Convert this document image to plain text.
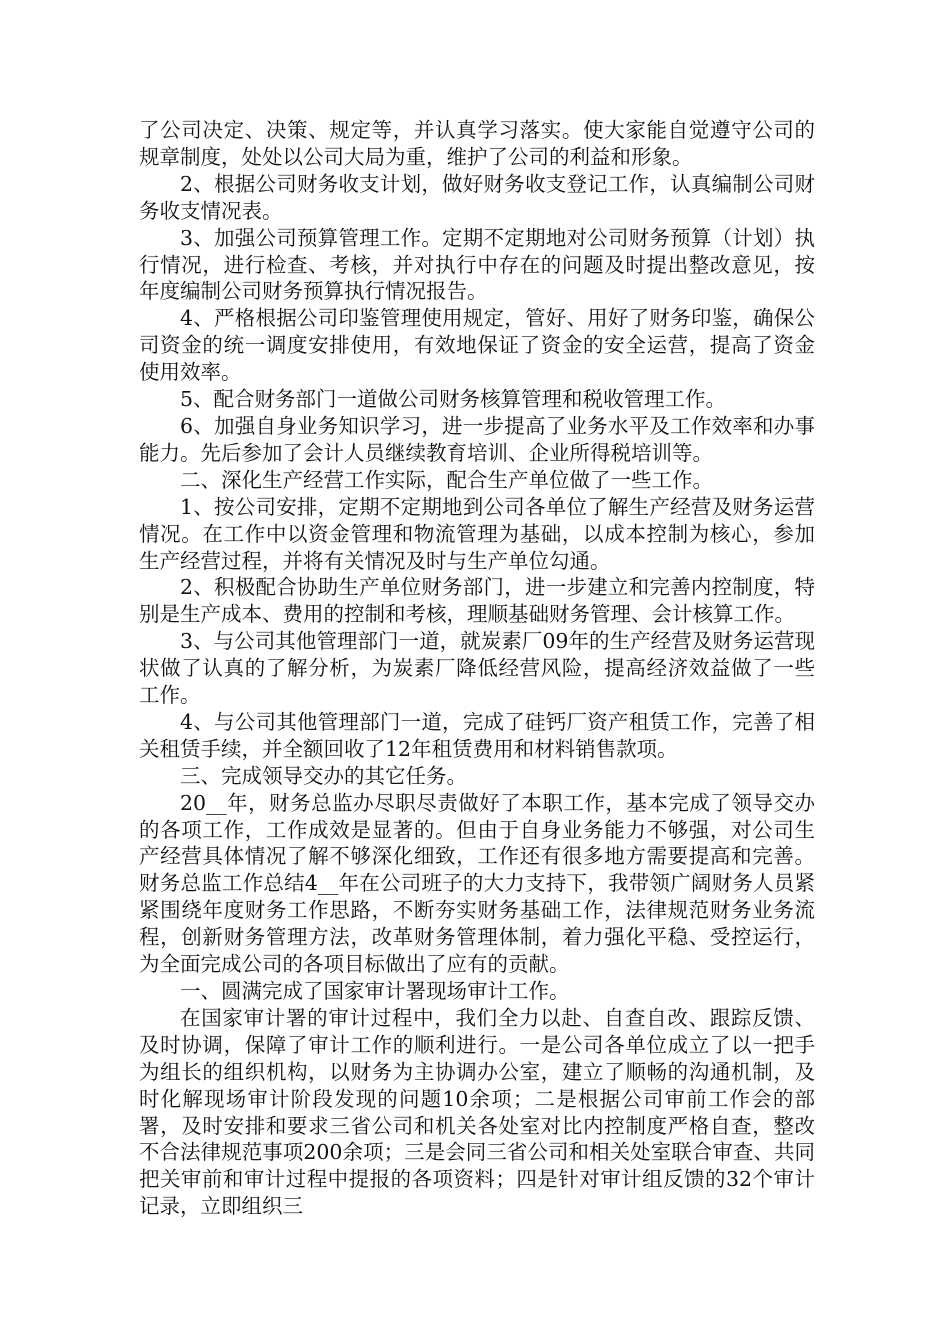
了公司决定、决策、规定等，并认真学习落实。使大家能自觉遵守公司的规章制度，处处以公司大局为重，维护了公司的利益和形象。

2、根据公司财务收支计划，做好财务收支登记工作，认真编制公司财务收支情况表。

3、加强公司预算管理工作。定期不定期地对公司财务预算（计划）执行情况，进行检查、考核，并对执行中存在的问题及时提出整改意见，按年度编制公司财务预算执行情况报告。

4、严格根据公司印鉴管理使用规定，管好、用好了财务印鉴，确保公司资金的统一调度安排使用，有效地保证了资金的安全运营，提高了资金使用效率。

5、配合财务部门一道做公司财务核算管理和税收管理工作。

6、加强自身业务知识学习，进一步提高了业务水平及工作效率和办事能力。先后参加了会计人员继续教育培训、企业所得税培训等。

二、深化生产经营工作实际，配合生产单位做了一些工作。

1、按公司安排，定期不定期地到公司各单位了解生产经营及财务运营情况。在工作中以资金管理和物流管理为基础，以成本控制为核心，参加生产经营过程，并将有关情况及时与生产单位勾通。

2、积极配合协助生产单位财务部门，进一步建立和完善内控制度，特别是生产成本、费用的控制和考核，理顺基础财务管理、会计核算工作。

3、与公司其他管理部门一道，就炭素厂09年的生产经营及财务运营现状做了认真的了解分析，为炭素厂降低经营风险，提高经济效益做了一些工作。

4、与公司其他管理部门一道，完成了硅钙厂资产租赁工作，完善了相关租赁手续，并全额回收了12年租赁费用和材料销售款项。

三、完成领导交办的其它任务。

20__年，财务总监办尽职尽责做好了本职工作，基本完成了领导交办的各项工作，工作成效是显著的。但由于自身业务能力不够强，对公司生产经营具体情况了解不够深化细致，工作还有很多地方需要提高和完善。财务总监工作总结4__年在公司班子的大力支持下，我带领广阔财务人员紧紧围绕年度财务工作思路，不断夯实财务基础工作，法律规范财务业务流程，创新财务管理方法，改革财务管理体制，着力强化平稳、受控运行，为全面完成公司的各项目标做出了应有的贡献。

一、圆满完成了国家审计署现场审计工作。

在国家审计署的审计过程中，我们全力以赴、自查自改、跟踪反馈、及时协调，保障了审计工作的顺利进行。一是公司各单位成立了以一把手为组长的组织机构，以财务为主协调办公室，建立了顺畅的沟通机制，及时化解现场审计阶段发现的问题10余项；二是根据公司审前工作会的部署，及时安排和要求三省公司和机关各处室对比内控制度严格自查，整改不合法律规范事项200余项；三是会同三省公司和相关处室联合审查、共同把关审前和审计过程中提报的各项资料；四是针对审计组反馈的32个审计记录，立即组织三
